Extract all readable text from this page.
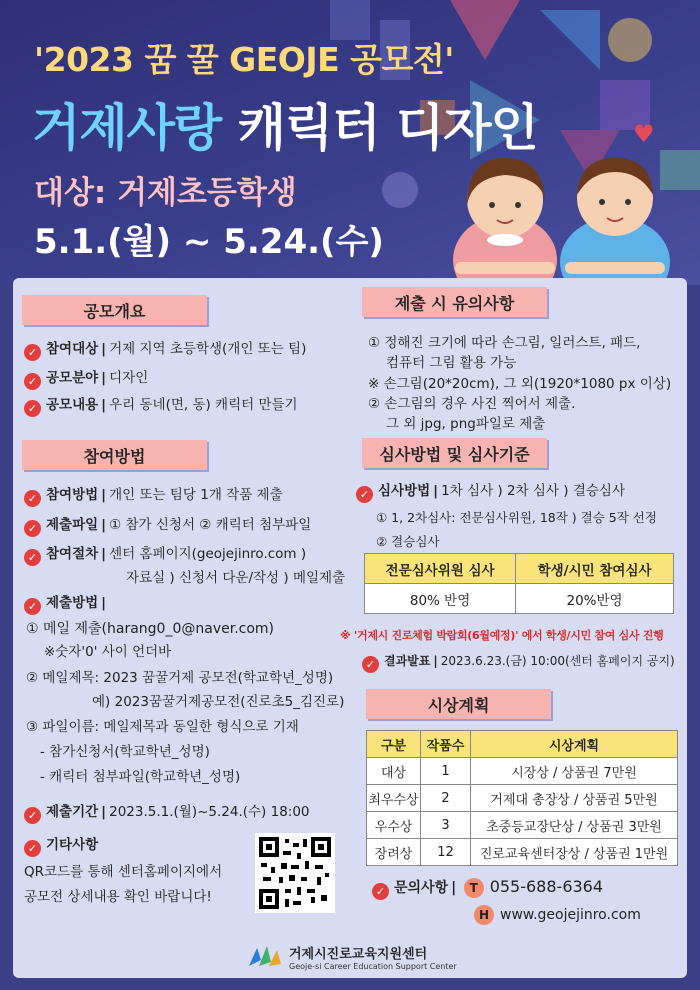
'2023 꿈 꿀 GEOJE 공모전'
거제사랑 캐릭터 디자인	♥
대상: 거제초등학생
5.1.(월) ~ 5.24.(수)
공모개요
✓ 참여대상 | 거제 지역 초등학생(개인 또는 팀)
✓ 공모분야 | 디자인
✓ 공모내용 | 우리 동네(면, 동) 캐릭터 만들기
참여방법
✓ 참여방법 | 개인 또는 팀당 1개 작품 제출
✓ 제출파일 | ① 참가 신청서 ② 캐릭터 첨부파일
✓ 참여절차 | 센터 홈페이지(geojejinro.com )
자료실 ) 신청서 다운/작성 ) 메일제출
✓ 제출방법 |
① 메일 제출(harang0_0@naver.com)
※숫자'0' 사이 언더바
② 메일제목: 2023 꿈꿀거제 공모전(학교학년_성명)
예) 2023꿈꿀거제공모전(진로초5_김진로)
③ 파일이름: 메일제목과 동일한 형식으로 기재
- 참가신청서(학교학년_성명)
- 캐릭터 첨부파일(학교학년_성명)
✓ 제출기간 | 2023.5.1.(월)~5.24.(수) 18:00
✓ 기타사항
QR코드를 통해 센터홈페이지에서
공모전 상세내용 확인 바랍니다!
제출 시 유의사항
① 정해진 크기에 따라 손그림, 일러스트, 패드,
컴퓨터 그림 활용 가능
※ 손그림(20*20cm), 그 외(1920*1080 px 이상)
② 손그림의 경우 사진 찍어서 제출.
그 외 jpg, png파일로 제출
심사방법 및 심사기준
✓ 심사방법 | 1차 심사 ) 2차 심사 ) 결승심사
① 1, 2차심사: 전문심사위원, 18작 ) 결승 5작 선정
② 결승심사
전문심사위원 심사	학생/시민 참여심사
80% 반영	20%반영
※ '거제시 진로체험 박람회(6월예정)' 에서 학생/시민 참여 심사 진행
✓ 결과발표 | 2023.6.23.(금) 10:00(센터 홈페이지 공지)
시상계획
구분	작품수	시상계획
대상	1	시장상 / 상품권 7만원
최우수상	2	거제대 총장상 / 상품권 5만원
우수상	3	초중등교장단상 / 상품권 3만원
장려상	12	진로교육센터장상 / 상품권 1만원
✓ 문의사항 | T 055-688-6364
H www.geojejinro.com
거제시진로교육지원센터
Geoje-si Career Education Support Center
